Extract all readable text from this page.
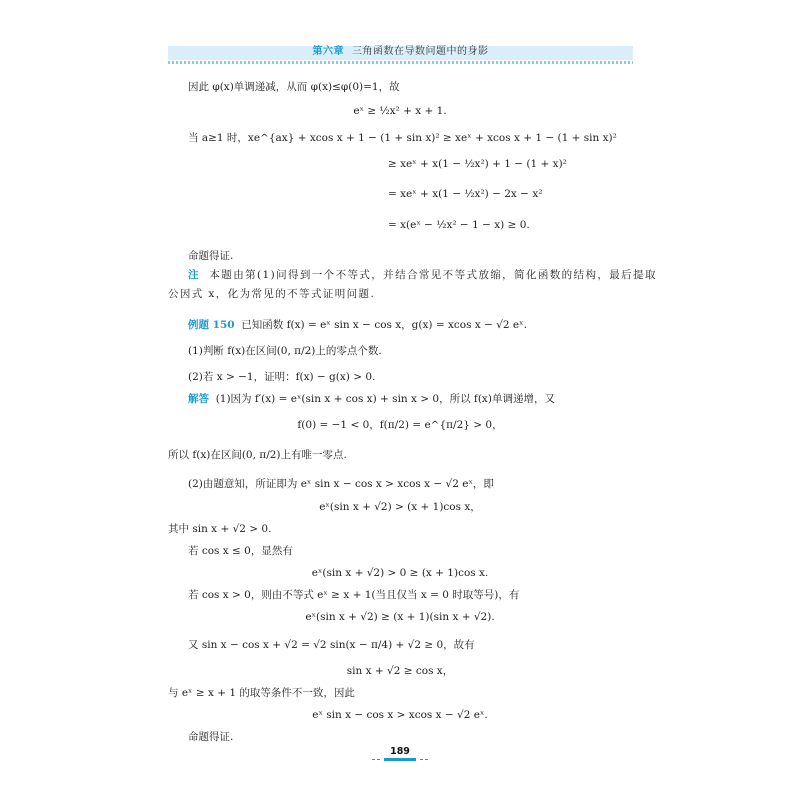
第六章 三角函数在导数问题中的身影
因此 φ(x)单调递减，从而 φ(x)≤φ(0)=1，故
eˣ ≥ ½x² + x + 1.
当 a≥1 时，xe^{ax} + xcos x + 1 − (1 + sin x)² ≥ xeˣ + xcos x + 1 − (1 + sin x)²
≥ xeˣ + x(1 − ½x²) + 1 − (1 + x)²
= xeˣ + x(1 − ½x²) − 2x − x²
= x(eˣ − ½x² − 1 − x) ≥ 0.
命题得证.
注 本题由第(1)问得到一个不等式，并结合常见不等式放缩，简化函数的结构，最后提取
公因式 x，化为常见的不等式证明问题.
例题 150 已知函数 f(x) = eˣ sin x − cos x，g(x) = xcos x − √2 eˣ.
(1)判断 f(x)在区间(0, π/2)上的零点个数.
(2)若 x > −1，证明：f(x) − g(x) > 0.
解答 (1)因为 f′(x) = eˣ(sin x + cos x) + sin x > 0，所以 f(x)单调递增，又
f(0) = −1 < 0，f(π/2) = e^{π/2} > 0，
所以 f(x)在区间(0, π/2)上有唯一零点.
(2)由题意知，所证即为 eˣ sin x − cos x > xcos x − √2 eˣ，即
eˣ(sin x + √2) > (x + 1)cos x，
其中 sin x + √2 > 0.
若 cos x ≤ 0，显然有
eˣ(sin x + √2) > 0 ≥ (x + 1)cos x.
若 cos x > 0，则由不等式 eˣ ≥ x + 1(当且仅当 x = 0 时取等号)，有
eˣ(sin x + √2) ≥ (x + 1)(sin x + √2).
又 sin x − cos x + √2 = √2 sin(x − π/4) + √2 ≥ 0，故有
sin x + √2 ≥ cos x，
与 eˣ ≥ x + 1 的取等条件不一致，因此
eˣ sin x − cos x > xcos x − √2 eˣ.
命题得证.
189
